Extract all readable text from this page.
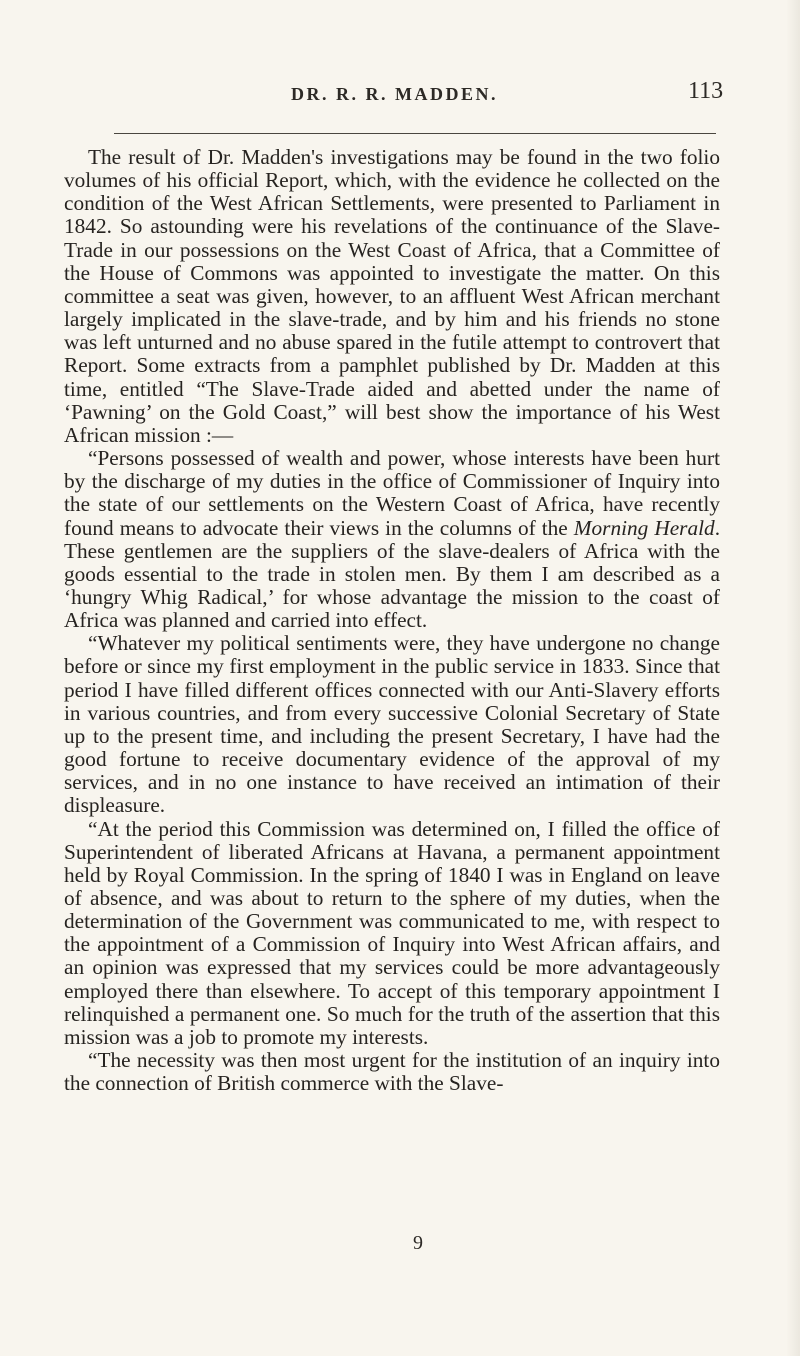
DR. R. R. MADDEN.	113

The result of Dr. Madden's investigations may be found in the two folio volumes of his official Report, which, with the evidence he collected on the condition of the West African Settlements, were presented to Parliament in 1842. So astounding were his revelations of the continuance of the Slave-Trade in our possessions on the West Coast of Africa, that a Committee of the House of Commons was appointed to investigate the matter. On this committee a seat was given, however, to an affluent West African merchant largely implicated in the slave-trade, and by him and his friends no stone was left unturned and no abuse spared in the futile attempt to controvert that Report. Some extracts from a pamphlet published by Dr. Madden at this time, entitled “The Slave-Trade aided and abetted under the name of ‘Pawning’ on the Gold Coast,” will best show the importance of his West African mission :—

“Persons possessed of wealth and power, whose interests have been hurt by the discharge of my duties in the office of Commissioner of Inquiry into the state of our settlements on the Western Coast of Africa, have recently found means to advocate their views in the columns of the Morning Herald. These gentlemen are the suppliers of the slave-dealers of Africa with the goods essential to the trade in stolen men. By them I am described as a ‘hungry Whig Radical,’ for whose advantage the mission to the coast of Africa was planned and carried into effect.

“Whatever my political sentiments were, they have undergone no change before or since my first employment in the public service in 1833. Since that period I have filled different offices connected with our Anti-Slavery efforts in various countries, and from every successive Colonial Secretary of State up to the present time, and including the present Secretary, I have had the good fortune to receive documentary evidence of the approval of my services, and in no one instance to have received an intimation of their displeasure.

“At the period this Commission was determined on, I filled the office of Superintendent of liberated Africans at Havana, a permanent appointment held by Royal Commission. In the spring of 1840 I was in England on leave of absence, and was about to return to the sphere of my duties, when the determination of the Government was communicated to me, with respect to the appointment of a Commission of Inquiry into West African affairs, and an opinion was expressed that my services could be more advantageously employed there than elsewhere. To accept of this temporary appointment I relinquished a permanent one. So much for the truth of the assertion that this mission was a job to promote my interests.

“The necessity was then most urgent for the institution of an inquiry into the connection of British commerce with the Slave-

9
